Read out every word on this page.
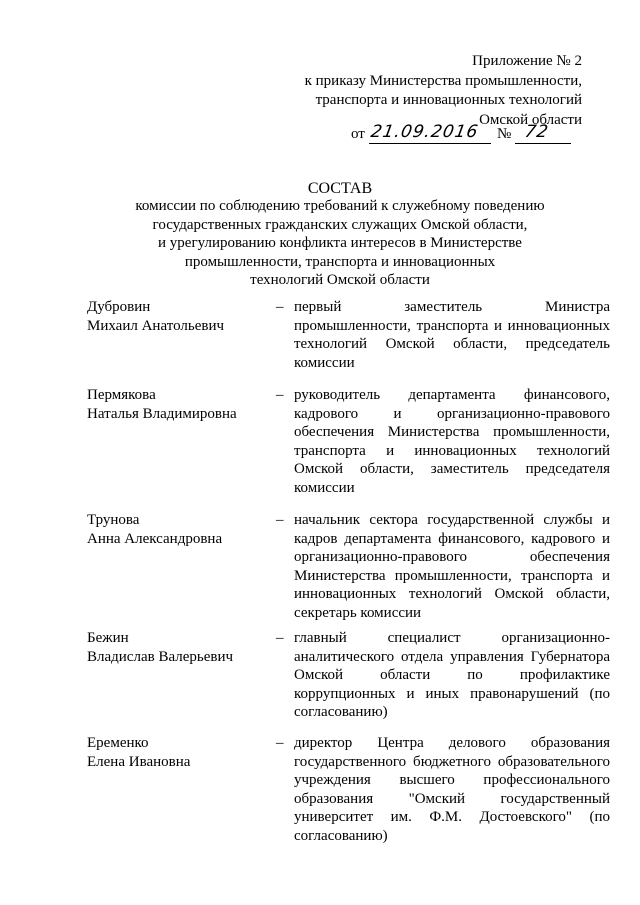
Приложение № 2
к приказу Министерства промышленности,
транспорта и инновационных технологий
Омской области
от 21.09.2016 № 72
СОСТАВ
комиссии по соблюдению требований к служебному поведению
государственных гражданских служащих Омской области,
и урегулированию конфликта интересов в Министерстве
промышленности, транспорта и инновационных
технологий Омской области
Дубровин
Михаил Анатольевич
– первый заместитель Министра промышленности, транспорта и инновационных технологий Омской области, председатель комиссии
Пермякова
Наталья Владимировна
– руководитель департамента финансового, кадрового и организационно-правового обеспечения Министерства промышленности, транспорта и инновационных технологий Омской области, заместитель председателя комиссии
Трунова
Анна Александровна
– начальник сектора государственной службы и кадров департамента финансового, кадрового и организационно-правового обеспечения Министерства промышленности, транспорта и инновационных технологий Омской области, секретарь комиссии
Бежин
Владислав Валерьевич
– главный специалист организационно-аналитического отдела управления Губернатора Омской области по профилактике коррупционных и иных правонарушений (по согласованию)
Еременко
Елена Ивановна
– директор Центра делового образования государственного бюджетного образовательного учреждения высшего профессионального образования "Омский государственный университет им. Ф.М. Достоевского" (по согласованию)
